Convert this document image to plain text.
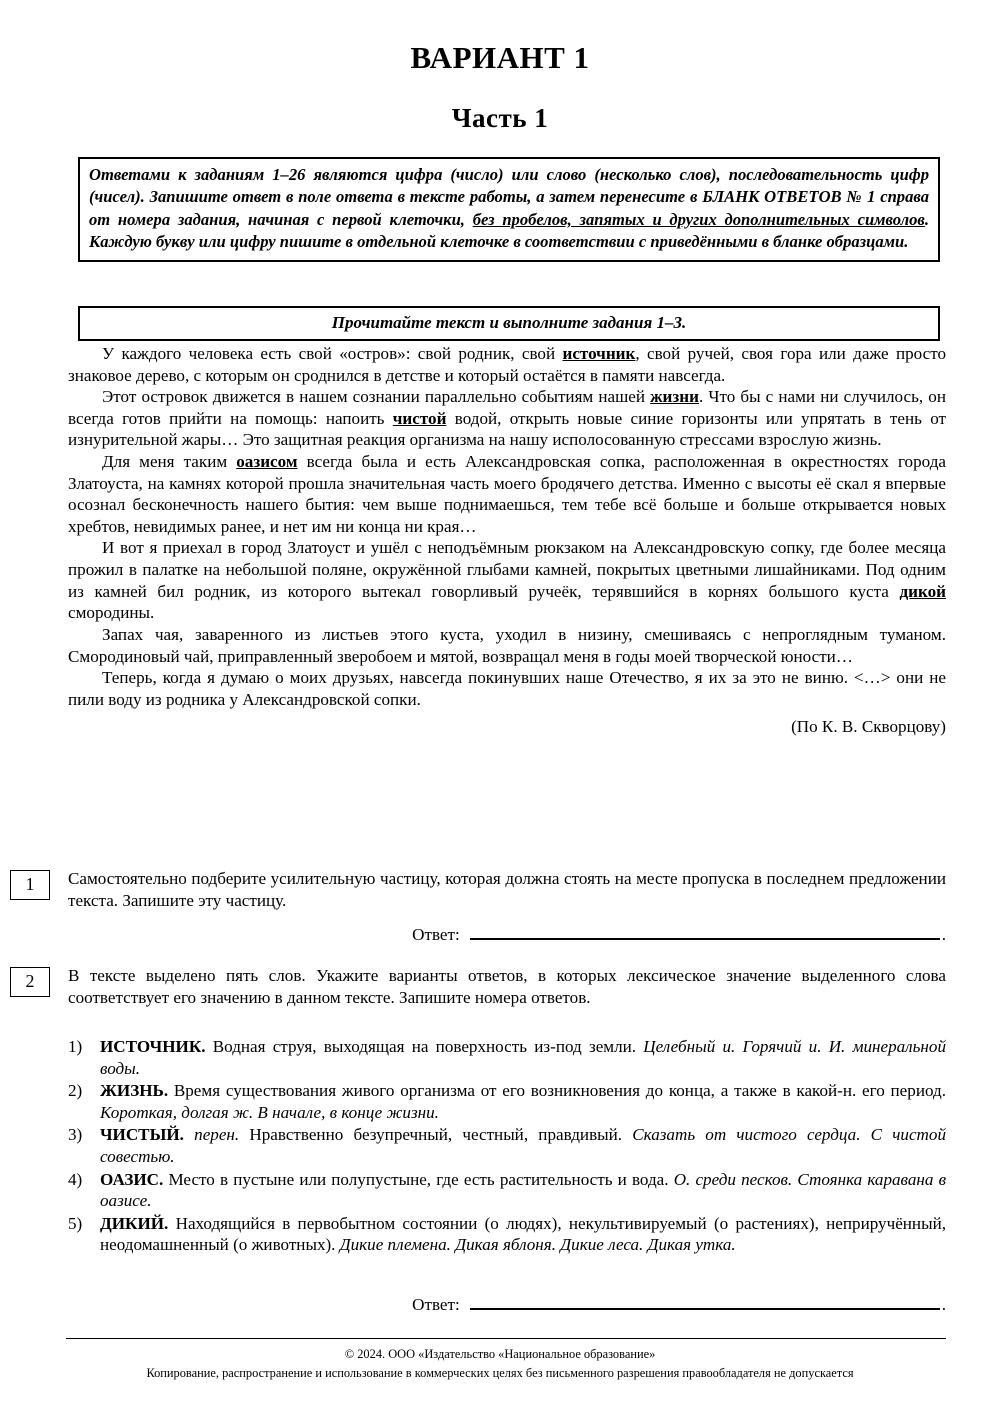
ВАРИАНТ 1
Часть 1

Ответами к заданиям 1–26 являются цифра (число) или слово (несколько слов), последовательность цифр (чисел). Запишите ответ в поле ответа в тексте работы, а затем перенесите в БЛАНК ОТВЕТОВ № 1 справа от номера задания, начиная с первой клеточки, без пробелов, запятых и других дополнительных символов. Каждую букву или цифру пишите в отдельной клеточке в соответствии с приведёнными в бланке образцами.

Прочитайте текст и выполните задания 1–3.

У каждого человека есть свой «остров»: свой родник, свой источник, свой ручей, своя гора или даже просто знаковое дерево, с которым он сроднился в детстве и который остаётся в памяти навсегда.

Этот островок движется в нашем сознании параллельно событиям нашей жизни. Что бы с нами ни случилось, он всегда готов прийти на помощь: напоить чистой водой, открыть новые синие горизонты или упрятать в тень от изнурительной жары… Это защитная реакция организма на нашу исполосованную стрессами взрослую жизнь.

Для меня таким оазисом всегда была и есть Александровская сопка, расположенная в окрестностях города Златоуста, на камнях которой прошла значительная часть моего бродячего детства. Именно с высоты её скал я впервые осознал бесконечность нашего бытия: чем выше поднимаешься, тем тебе всё больше и больше открывается новых хребтов, невидимых ранее, и нет им ни конца ни края…

И вот я приехал в город Златоуст и ушёл с неподъёмным рюкзаком на Александровскую сопку, где более месяца прожил в палатке на небольшой поляне, окружённой глыбами камней, покрытых цветными лишайниками. Под одним из камней бил родник, из которого вытекал говорливый ручеёк, терявшийся в корнях большого куста дикой смородины.

Запах чая, заваренного из листьев этого куста, уходил в низину, смешиваясь с непроглядным туманом. Смородиновый чай, приправленный зверобоем и мятой, возвращал меня в годы моей творческой юности…

Теперь, когда я думаю о моих друзьях, навсегда покинувших наше Отечество, я их за это не виню. <…> они не пили воду из родника у Александровской сопки.

(По К. В. Скворцову)

1	Самостоятельно подберите усилительную частицу, которая должна стоять на месте пропуска в последнем предложении текста. Запишите эту частицу.

Ответ:	.
2	В тексте выделено пять слов. Укажите варианты ответов, в которых лексическое значение выделенного слова соответствует его значению в данном тексте. Запишите номера ответов.

1)	ИСТОЧНИК. Водная струя, выходящая на поверхность из-под земли. Целебный и. Горячий и. И. минеральной воды.
2)	ЖИЗНЬ. Время существования живого организма от его возникновения до конца, а также в какой-н. его период. Короткая, долгая ж. В начале, в конце жизни.
3)	ЧИСТЫЙ. перен. Нравственно безупречный, честный, правдивый. Сказать от чистого сердца. С чистой совестью.
4)	ОАЗИС. Место в пустыне или полупустыне, где есть растительность и вода. О. среди песков. Стоянка каравана в оазисе.
5)	ДИКИЙ. Находящийся в первобытном состоянии (о людях), некультивируемый (о растениях), неприручённый, неодомашненный (о животных). Дикие племена. Дикая яблоня. Дикие леса. Дикая утка.
Ответ:	.
© 2024. ООО «Издательство «Национальное образование»
Копирование, распространение и использование в коммерческих целях без письменного разрешения правообладателя не допускается
